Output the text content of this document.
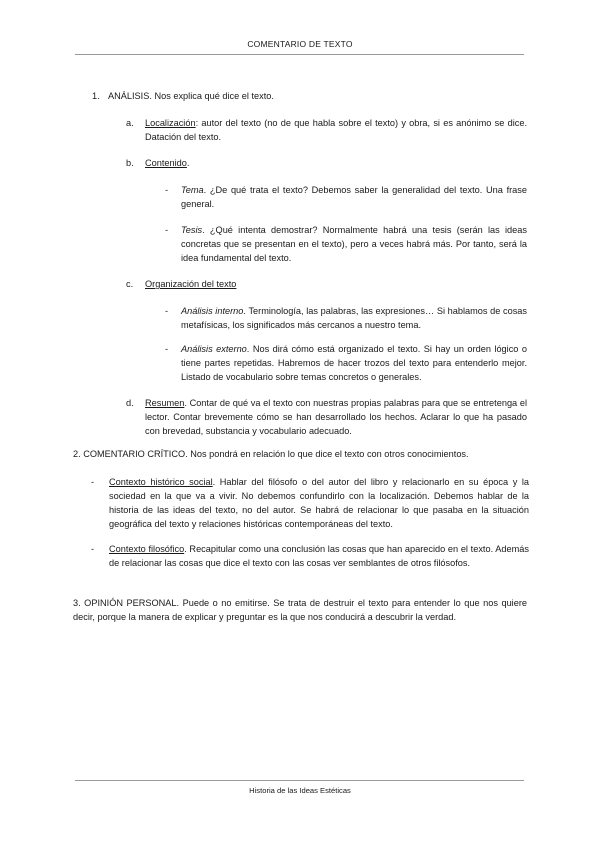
COMENTARIO DE TEXTO
1. ANÁLISIS. Nos explica qué dice el texto.
a. Localización: autor del texto (no de que habla sobre el texto) y obra, si es anónimo se dice. Datación del texto.
b. Contenido.
- Tema. ¿De qué trata el texto? Debemos saber la generalidad del texto. Una frase general.
- Tesis. ¿Qué intenta demostrar? Normalmente habrá una tesis (serán las ideas concretas que se presentan en el texto), pero a veces habrá más. Por tanto, será la idea fundamental del texto.
c. Organización del texto
- Análisis interno. Terminología, las palabras, las expresiones… Si hablamos de cosas metafísicas, los significados más cercanos a nuestro tema.
- Análisis externo. Nos dirá cómo está organizado el texto. Si hay un orden lógico o tiene partes repetidas. Habremos de hacer trozos del texto para entenderlo mejor. Listado de vocabulario sobre temas concretos o generales.
d. Resumen. Contar de qué va el texto con nuestras propias palabras para que se entretenga el lector. Contar brevemente cómo se han desarrollado los hechos. Aclarar lo que ha pasado con brevedad, substancia y vocabulario adecuado.
2. COMENTARIO CRÍTICO. Nos pondrá en relación lo que dice el texto con otros conocimientos.
- Contexto histórico social. Hablar del filósofo o del autor del libro y relacionarlo en su época y la sociedad en la que va a vivir. No debemos confundirlo con la localización. Debemos hablar de la historia de las ideas del texto, no del autor. Se habrá de relacionar lo que pasaba en la situación geográfica del texto y relaciones históricas contemporáneas del texto.
- Contexto filosófico. Recapitular como una conclusión las cosas que han aparecido en el texto. Además de relacionar las cosas que dice el texto con las cosas ver semblantes de otros filósofos.
3. OPINIÓN PERSONAL. Puede o no emitirse. Se trata de destruir el texto para entender lo que nos quiere decir, porque la manera de explicar y preguntar es la que nos conducirá a descubrir la verdad.
Historia de las Ideas Estéticas
